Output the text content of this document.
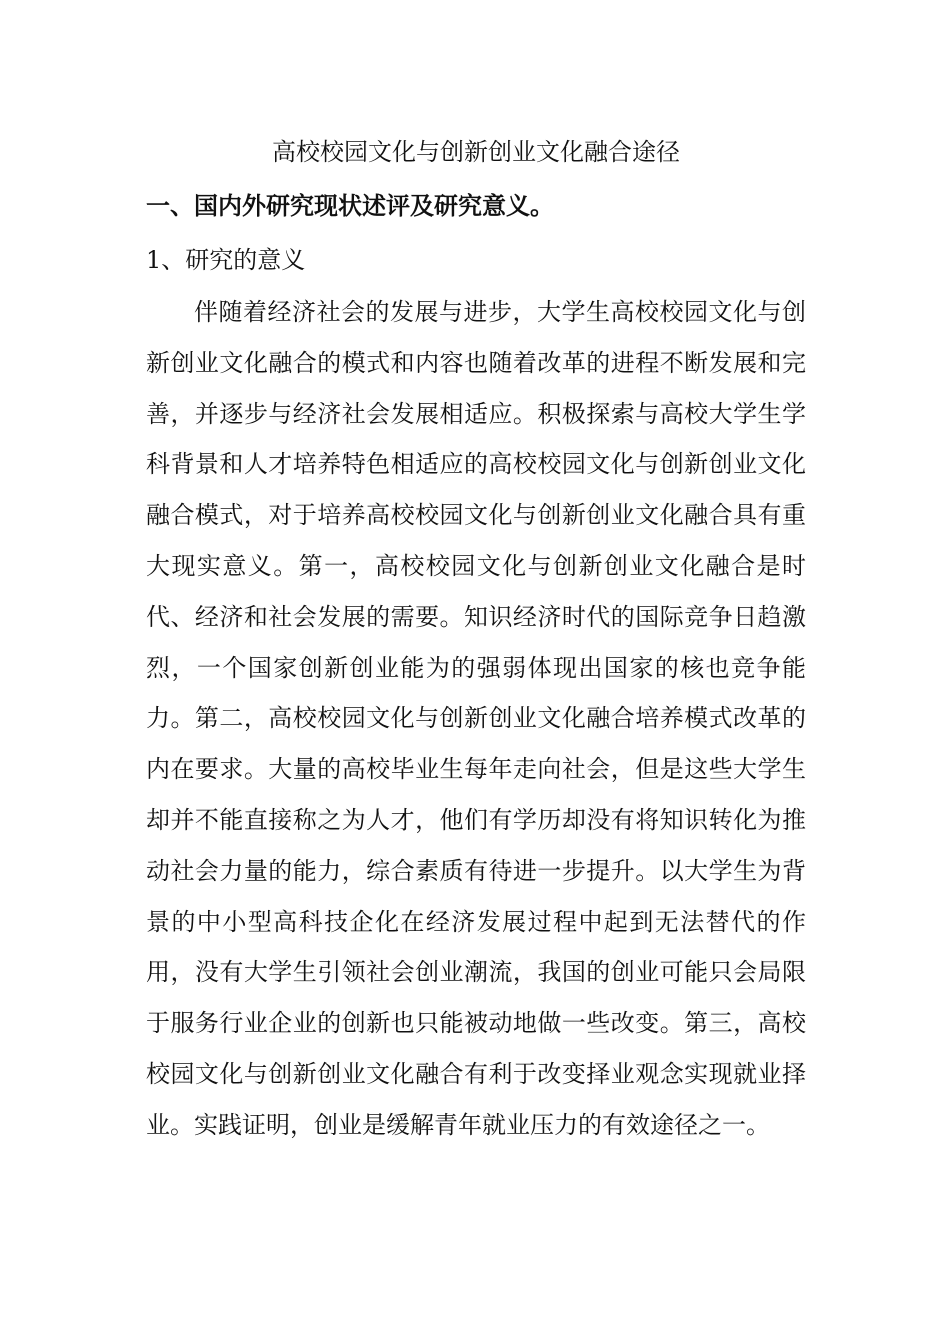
高校校园文化与创新创业文化融合途径
一、国内外研究现状述评及研究意义。
1、研究的意义

伴随着经济社会的发展与进步，大学生高校校园文化与创新创业文化融合的模式和内容也随着改革的进程不断发展和完善，并逐步与经济社会发展相适应。积极探索与高校大学生学科背景和人才培养特色相适应的高校校园文化与创新创业文化融合模式，对于培养高校校园文化与创新创业文化融合具有重大现实意义。第一，高校校园文化与创新创业文化融合是时代、经济和社会发展的需要。知识经济时代的国际竞争日趋激烈，一个国家创新创业能为的强弱体现出国家的核也竞争能力。第二，高校校园文化与创新创业文化融合培养模式改革的内在要求。大量的高校毕业生每年走向社会，但是这些大学生却并不能直接称之为人才，他们有学历却没有将知识转化为推动社会力量的能力，综合素质有待进一步提升。以大学生为背景的中小型高科技企化在经济发展过程中起到无法替代的作用，没有大学生引领社会创业潮流，我国的创业可能只会局限于服务行业企业的创新也只能被动地做一些改变。第三，高校校园文化与创新创业文化融合有利于改变择业观念实现就业择业。实践证明，创业是缓解青年就业压力的有效途径之一。
